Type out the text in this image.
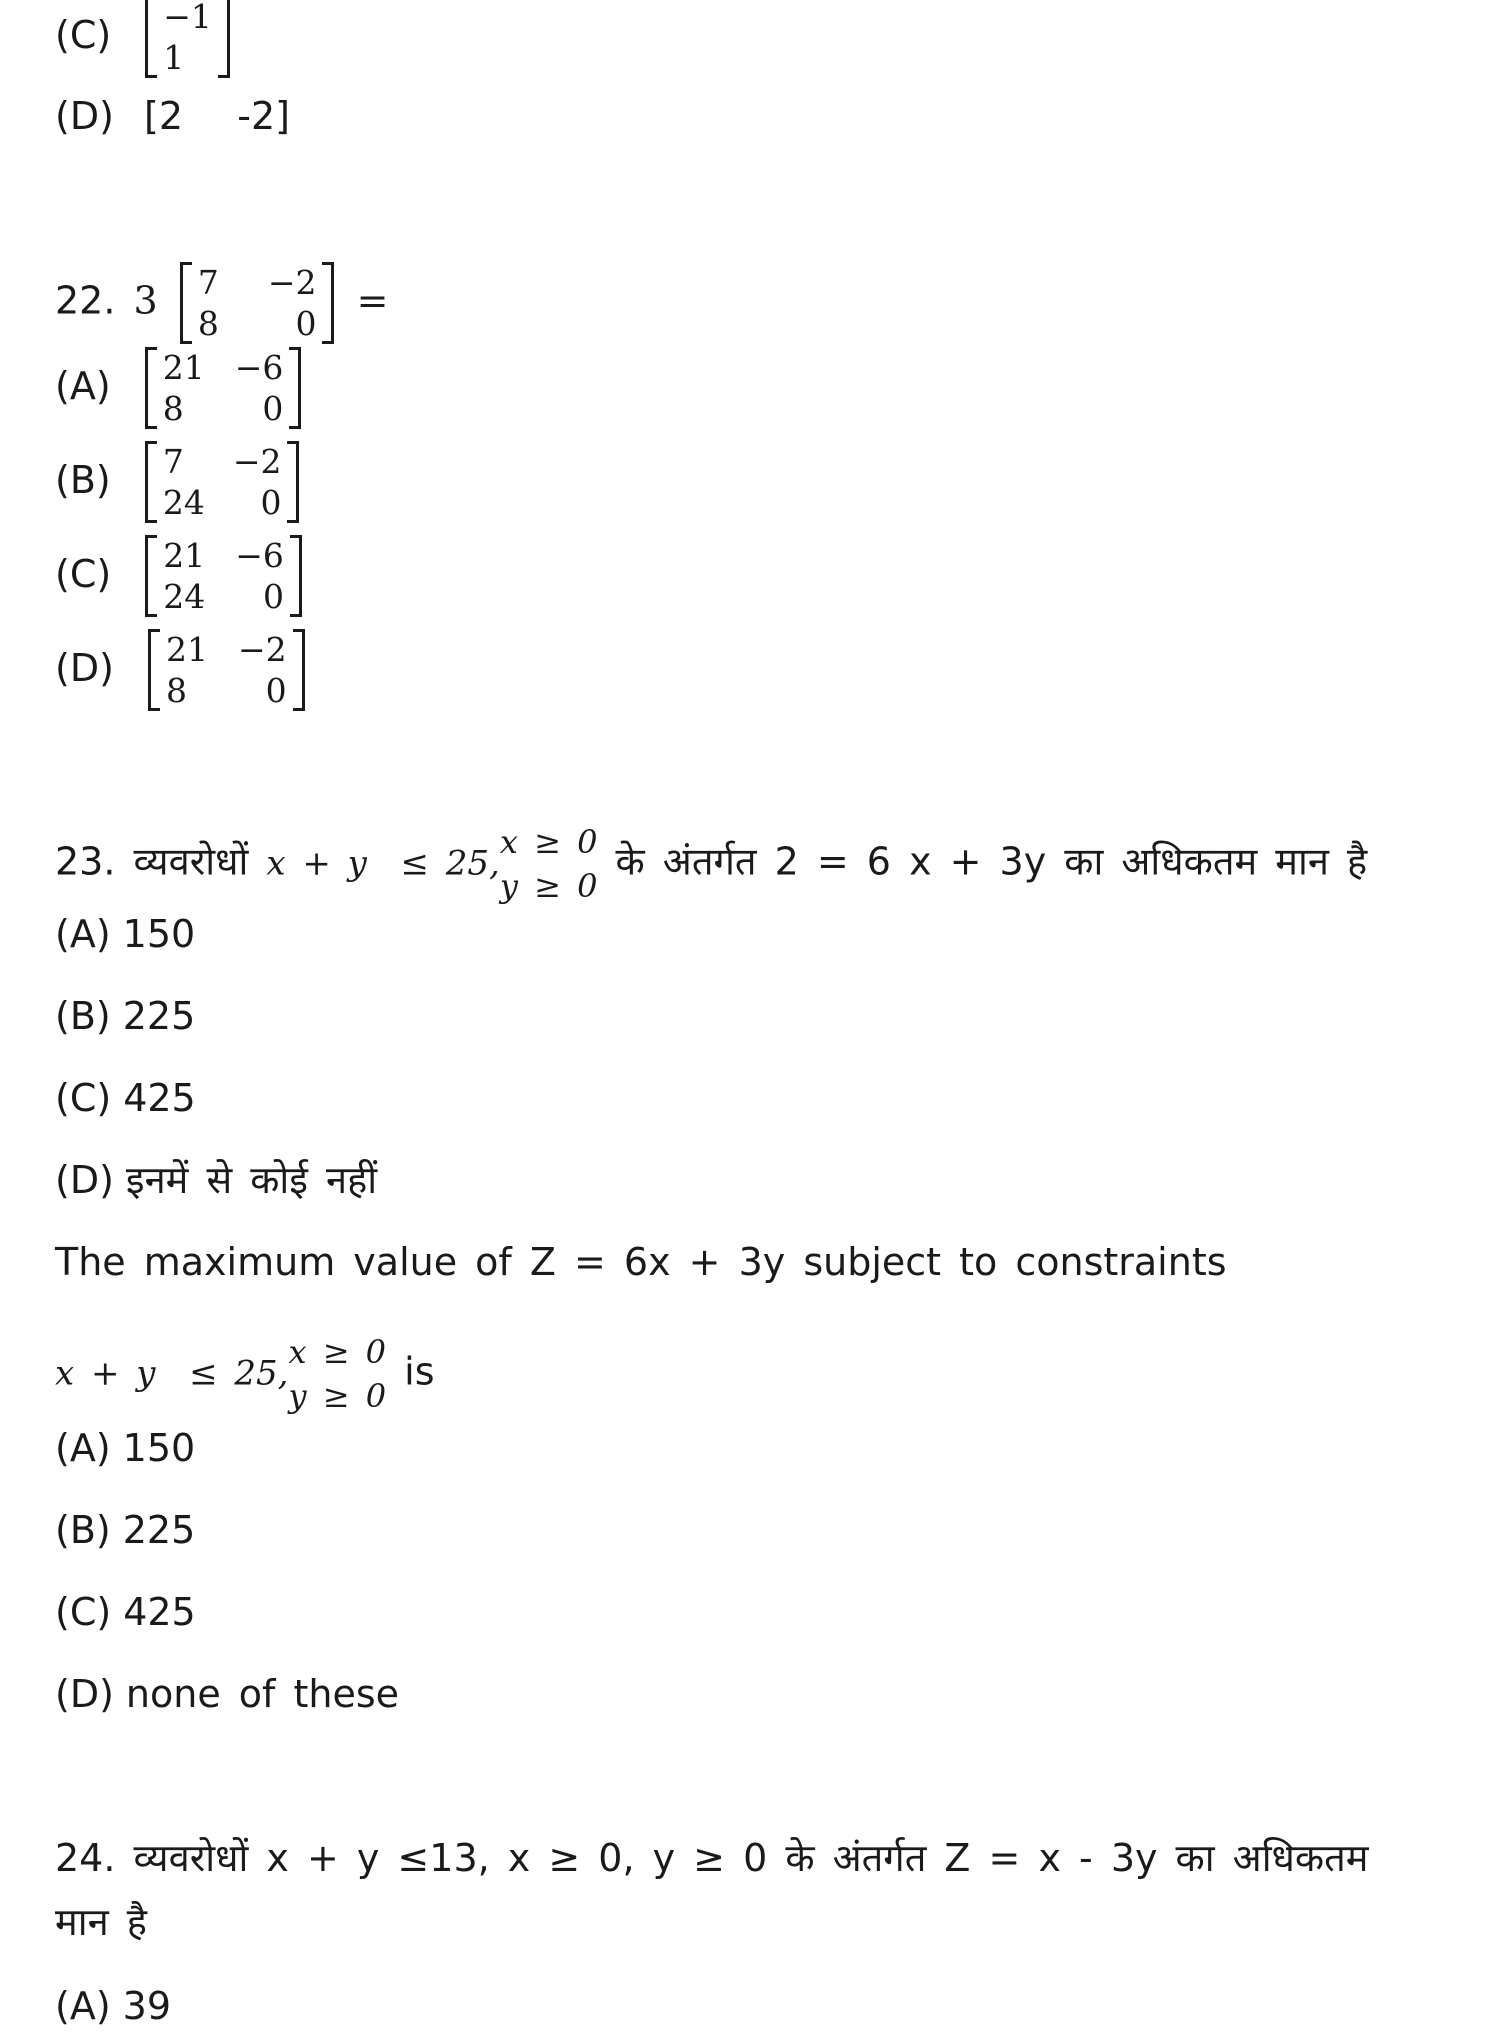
(C) −1
1
(D) [2   -2]
22. 3 7	−2
8	0
=
(A) 21 −6
8	0
(B) 7	−2
24	0
(C) 21 −6
24	0
(D) 21 −2
8	0
23. व्यवरोधों x + y  ≤ 25,
x ≥ 0
y ≥ 0
के अंतर्गत 2 = 6 x + 3y का अधिकतम मान है
(A) 150
(B) 225
(C) 425
(D) इनमें से कोई नहीं
The maximum value of Z = 6x + 3y subject to constraints
x + y  ≤ 25,
x ≥ 0
y ≥ 0
is
(A) 150
(B) 225
(C) 425
(D) none of these
24. व्यवरोधों x + y ≤13, x ≥ 0, y ≥ 0 के अंतर्गत Z = x - 3y का अधिकतम
मान है
(A) 39
